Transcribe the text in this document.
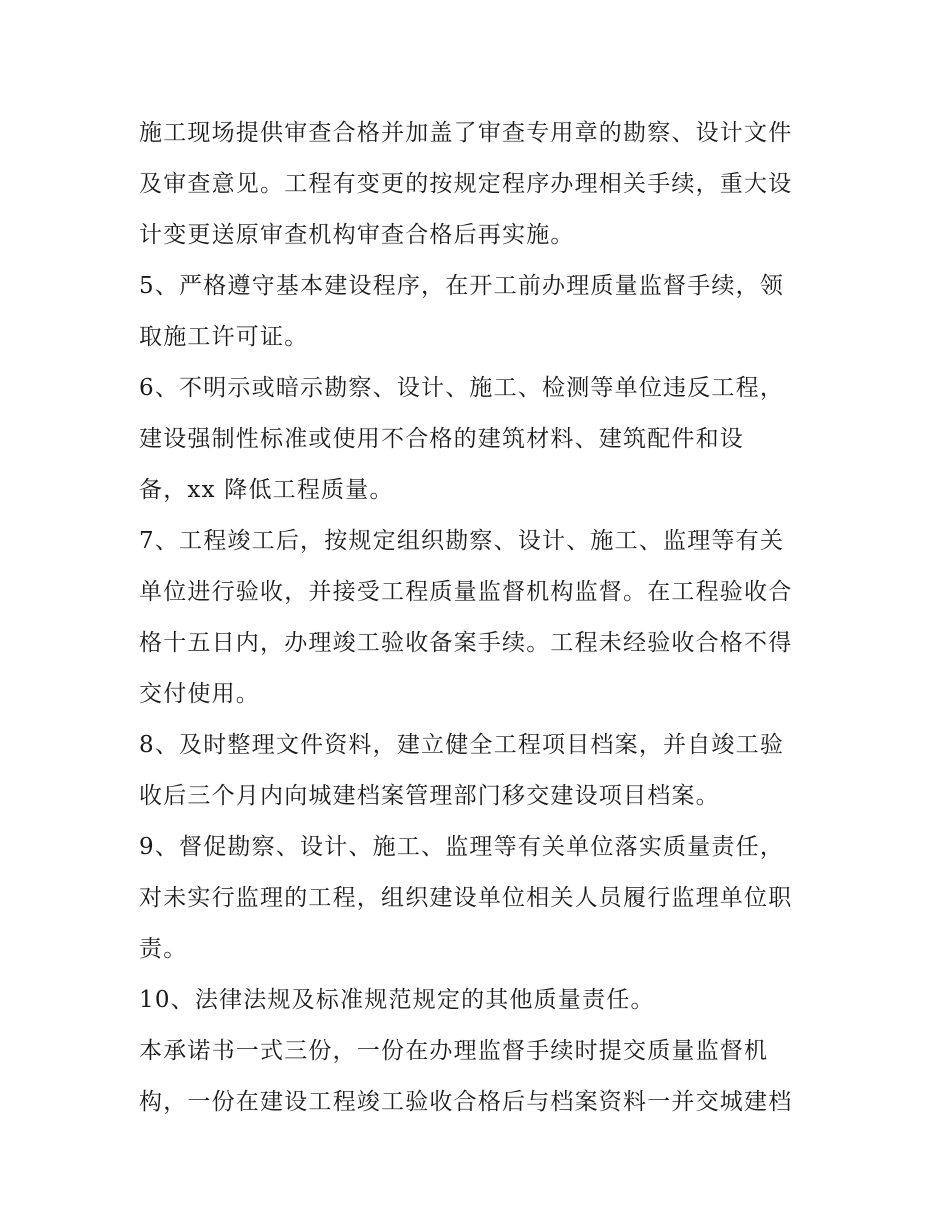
施工现场提供审查合格并加盖了审查专用章的勘察、设计文件
及审查意见。工程有变更的按规定程序办理相关手续，重大设
计变更送原审查机构审查合格后再实施。
5、严格遵守基本建设程序，在开工前办理质量监督手续，领
取施工许可证。
6、不明示或暗示勘察、设计、施工、检测等单位违反工程，
建设强制性标准或使用不合格的建筑材料、建筑配件和设
备，xx 降低工程质量。
7、工程竣工后，按规定组织勘察、设计、施工、监理等有关
单位进行验收，并接受工程质量监督机构监督。在工程验收合
格十五日内，办理竣工验收备案手续。工程未经验收合格不得
交付使用。
8、及时整理文件资料，建立健全工程项目档案，并自竣工验
收后三个月内向城建档案管理部门移交建设项目档案。
9、督促勘察、设计、施工、监理等有关单位落实质量责任，
对未实行监理的工程，组织建设单位相关人员履行监理单位职
责。
10、法律法规及标准规范规定的其他质量责任。
本承诺书一式三份，一份在办理监督手续时提交质量监督机
构，一份在建设工程竣工验收合格后与档案资料一并交城建档
